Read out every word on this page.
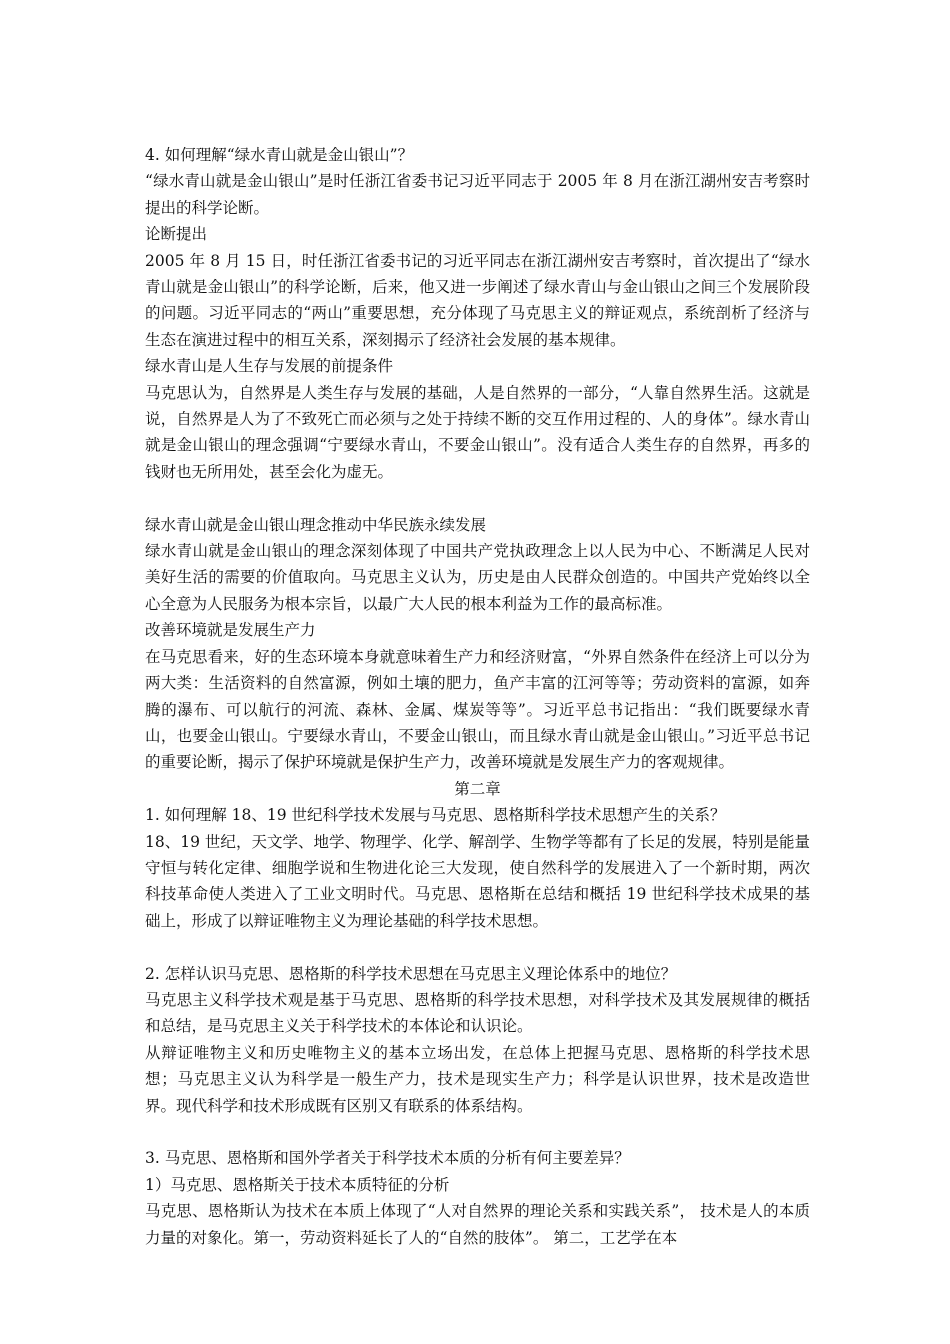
4. 如何理解“绿水青山就是金山银山”？
“绿水青山就是金山银山”是时任浙江省委书记习近平同志于 2005 年 8 月在浙江湖州安吉考察时提出的科学论断。
论断提出
2005 年 8 月 15 日，时任浙江省委书记的习近平同志在浙江湖州安吉考察时，首次提出了“绿水青山就是金山银山”的科学论断，后来，他又进一步阐述了绿水青山与金山银山之间三个发展阶段的问题。习近平同志的“两山”重要思想，充分体现了马克思主义的辩证观点，系统剖析了经济与生态在演进过程中的相互关系，深刻揭示了经济社会发展的基本规律。
绿水青山是人生存与发展的前提条件
马克思认为，自然界是人类生存与发展的基础，人是自然界的一部分，“人靠自然界生活。这就是说，自然界是人为了不致死亡而必须与之处于持续不断的交互作用过程的、人的身体”。绿水青山就是金山银山的理念强调“宁要绿水青山，不要金山银山”。没有适合人类生存的自然界，再多的钱财也无所用处，甚至会化为虚无。
绿水青山就是金山银山理念推动中华民族永续发展
绿水青山就是金山银山的理念深刻体现了中国共产党执政理念上以人民为中心、不断满足人民对美好生活的需要的价值取向。马克思主义认为，历史是由人民群众创造的。中国共产党始终以全心全意为人民服务为根本宗旨，以最广大人民的根本利益为工作的最高标准。
改善环境就是发展生产力
在马克思看来，好的生态环境本身就意味着生产力和经济财富，“外界自然条件在经济上可以分为两大类：生活资料的自然富源，例如土壤的肥力，鱼产丰富的江河等等；劳动资料的富源，如奔腾的瀑布、可以航行的河流、森林、金属、煤炭等等”。习近平总书记指出：“我们既要绿水青山，也要金山银山。宁要绿水青山，不要金山银山，而且绿水青山就是金山银山。”习近平总书记的重要论断，揭示了保护环境就是保护生产力，改善环境就是发展生产力的客观规律。
第二章
1. 如何理解 18、19 世纪科学技术发展与马克思、恩格斯科学技术思想产生的关系？
18、19 世纪，天文学、地学、物理学、化学、解剖学、生物学等都有了长足的发展，特别是能量守恒与转化定律、细胞学说和生物进化论三大发现，使自然科学的发展进入了一个新时期，两次科技革命使人类进入了工业文明时代。马克思、恩格斯在总结和概括 19 世纪科学技术成果的基础上，形成了以辩证唯物主义为理论基础的科学技术思想。
2. 怎样认识马克思、恩格斯的科学技术思想在马克思主义理论体系中的地位？
马克思主义科学技术观是基于马克思、恩格斯的科学技术思想，对科学技术及其发展规律的概括和总结，是马克思主义关于科学技术的本体论和认识论。
从辩证唯物主义和历史唯物主义的基本立场出发，在总体上把握马克思、恩格斯的科学技术思想；马克思主义认为科学是一般生产力，技术是现实生产力；科学是认识世界，技术是改造世界。现代科学和技术形成既有区别又有联系的体系结构。
3. 马克思、恩格斯和国外学者关于科学技术本质的分析有何主要差异？
1）马克思、恩格斯关于技术本质特征的分析
马克思、恩格斯认为技术在本质上体现了“人对自然界的理论关系和实践关系”， 技术是人的本质力量的对象化。第一，劳动资料延长了人的“自然的肢体”。 第二，工艺学在本
